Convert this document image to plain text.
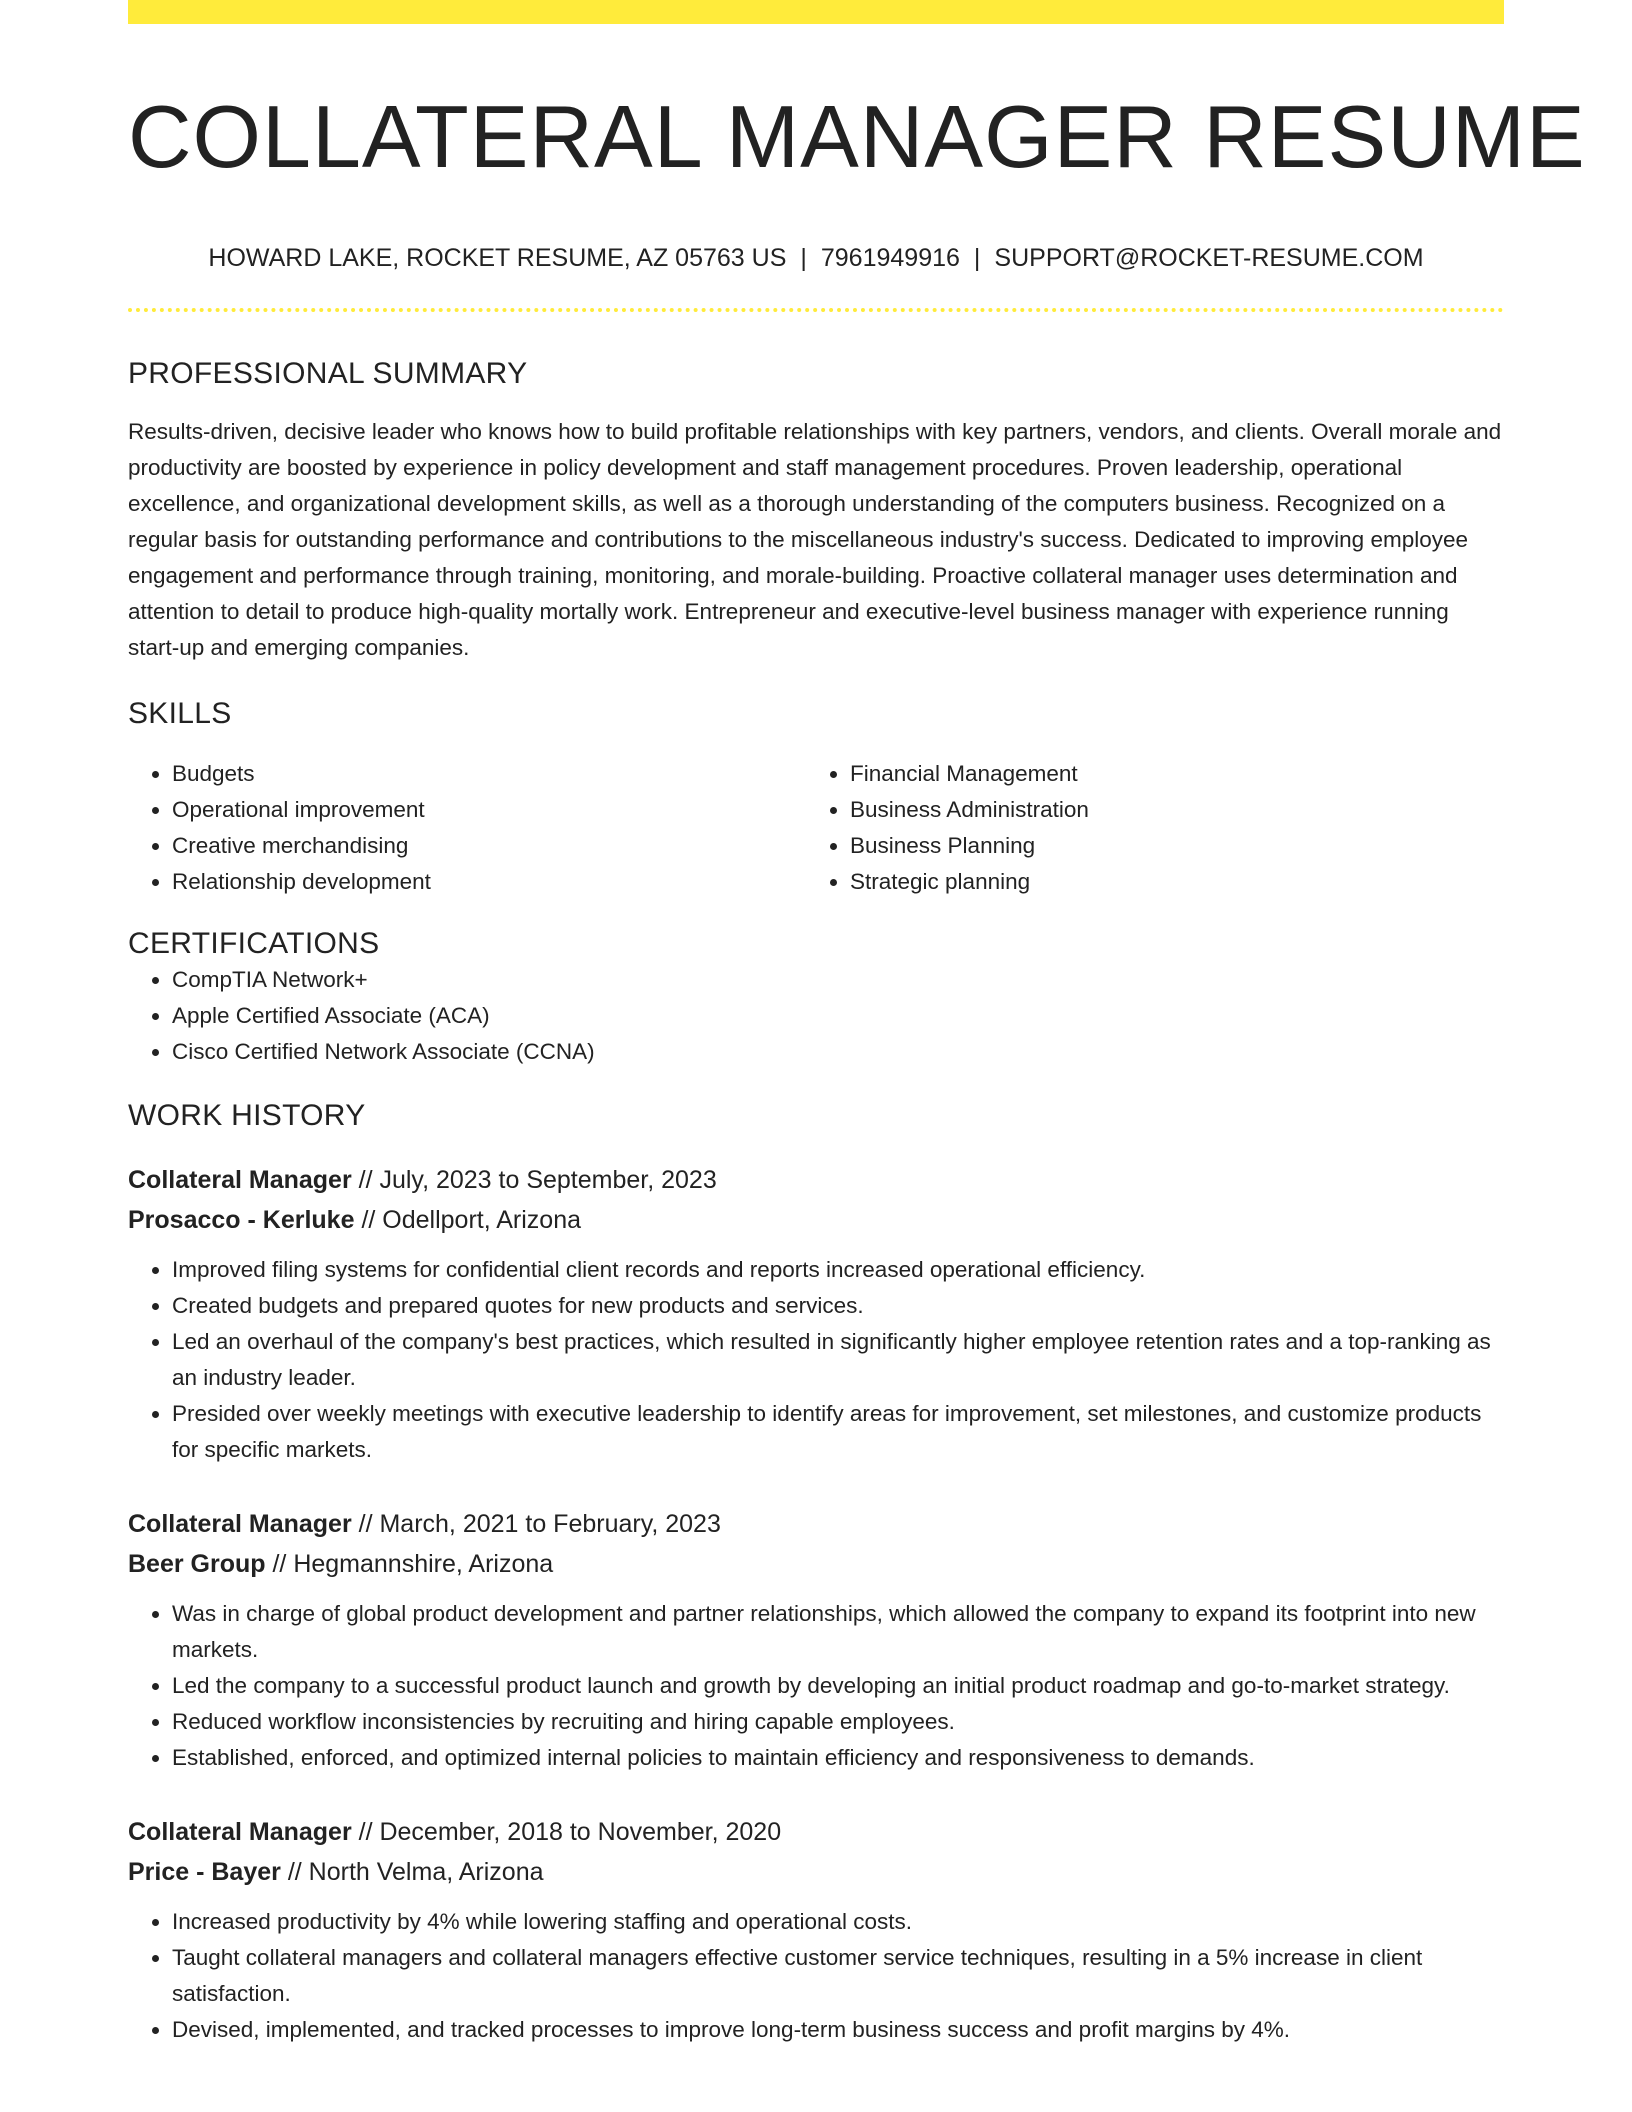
COLLATERAL MANAGER RESUME
HOWARD LAKE, ROCKET RESUME, AZ 05763 US | 7961949916 | SUPPORT@ROCKET-RESUME.COM
PROFESSIONAL SUMMARY

Results-driven, decisive leader who knows how to build profitable relationships with key partners, vendors, and clients. Overall morale and productivity are boosted by experience in policy development and staff management procedures. Proven leadership, operational excellence, and organizational development skills, as well as a thorough understanding of the computers business. Recognized on a regular basis for outstanding performance and contributions to the miscellaneous industry's success. Dedicated to improving employee engagement and performance through training, monitoring, and morale-building. Proactive collateral manager uses determination and attention to detail to produce high-quality mortally work. Entrepreneur and executive-level business manager with experience running start-up and emerging companies.

SKILLS
• Budgets
• Operational improvement
• Creative merchandising
• Relationship development
• Financial Management
• Business Administration
• Business Planning
• Strategic planning
CERTIFICATIONS
• CompTIA Network+
• Apple Certified Associate (ACA)
• Cisco Certified Network Associate (CCNA)
WORK HISTORY
Collateral Manager // July, 2023 to September, 2023
Prosacco - Kerluke // Odellport, Arizona
• Improved filing systems for confidential client records and reports increased operational efficiency.
• Created budgets and prepared quotes for new products and services.
• Led an overhaul of the company's best practices, which resulted in significantly higher employee retention rates and a top-ranking as an industry leader.
• Presided over weekly meetings with executive leadership to identify areas for improvement, set milestones, and customize products for specific markets.
Collateral Manager // March, 2021 to February, 2023
Beer Group // Hegmannshire, Arizona
• Was in charge of global product development and partner relationships, which allowed the company to expand its footprint into new markets.
• Led the company to a successful product launch and growth by developing an initial product roadmap and go-to-market strategy.
• Reduced workflow inconsistencies by recruiting and hiring capable employees.
• Established, enforced, and optimized internal policies to maintain efficiency and responsiveness to demands.
Collateral Manager // December, 2018 to November, 2020
Price - Bayer // North Velma, Arizona
• Increased productivity by 4% while lowering staffing and operational costs.
• Taught collateral managers and collateral managers effective customer service techniques, resulting in a 5% increase in client satisfaction.
• Devised, implemented, and tracked processes to improve long-term business success and profit margins by 4%.
